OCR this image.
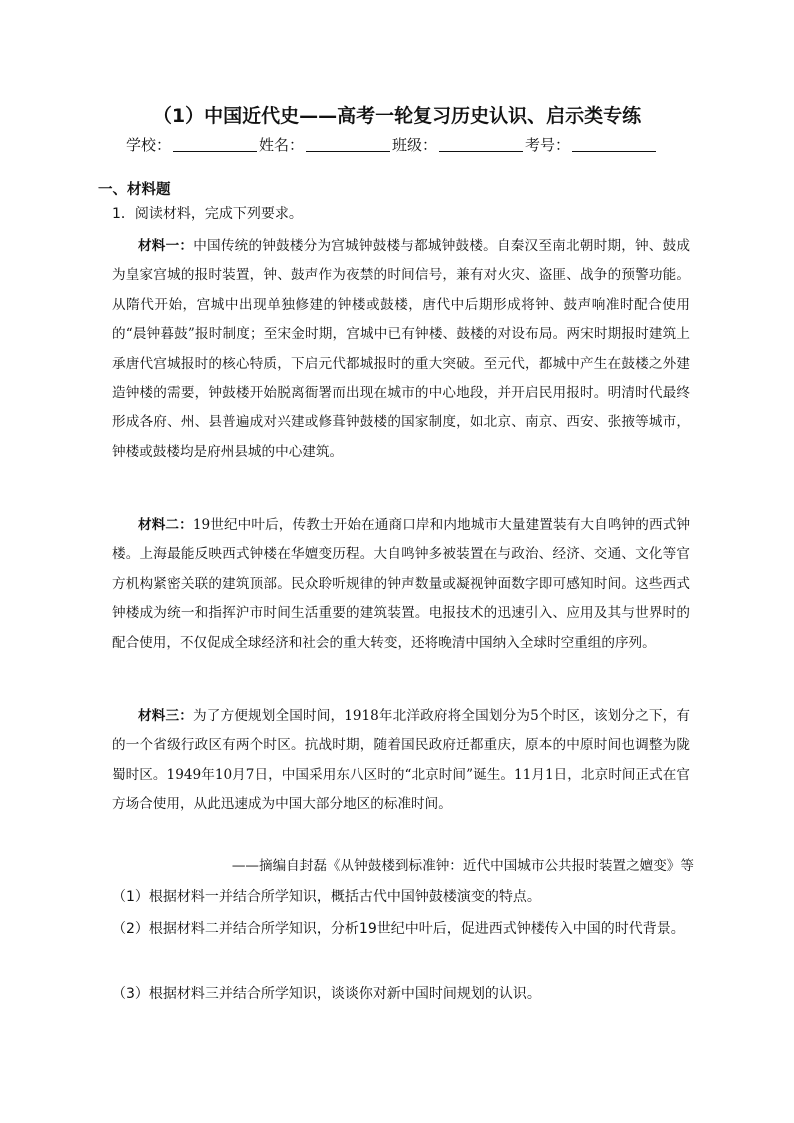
（1）中国近代史——高考一轮复习历史认识、启示类专练
学校：	姓名：	班级：	考号：
一、材料题
1．阅读材料，完成下列要求。
材料一：中国传统的钟鼓楼分为宫城钟鼓楼与都城钟鼓楼。自秦汉至南北朝时期，钟、鼓成为皇家宫城的报时装置，钟、鼓声作为夜禁的时间信号，兼有对火灾、盗匪、战争的预警功能。从隋代开始，宫城中出现单独修建的钟楼或鼓楼，唐代中后期形成将钟、鼓声响准时配合使用的“晨钟暮鼓”报时制度；至宋金时期，宫城中已有钟楼、鼓楼的对设布局。两宋时期报时建筑上承唐代宫城报时的核心特质，下启元代都城报时的重大突破。至元代，都城中产生在鼓楼之外建造钟楼的需要，钟鼓楼开始脱离衙署而出现在城市的中心地段，并开启民用报时。明清时代最终形成各府、州、县普遍成对兴建或修葺钟鼓楼的国家制度，如北京、南京、西安、张掖等城市，钟楼或鼓楼均是府州县城的中心建筑。
材料二：19世纪中叶后，传教士开始在通商口岸和内地城市大量建置装有大自鸣钟的西式钟楼。上海最能反映西式钟楼在华嬗变历程。大自鸣钟多被装置在与政治、经济、交通、文化等官方机构紧密关联的建筑顶部。民众聆听规律的钟声数量或凝视钟面数字即可感知时间。这些西式钟楼成为统一和指挥沪市时间生活重要的建筑装置。电报技术的迅速引入、应用及其与世界时的配合使用，不仅促成全球经济和社会的重大转变，还将晚清中国纳入全球时空重组的序列。
材料三：为了方便规划全国时间，1918年北洋政府将全国划分为5个时区，该划分之下，有的一个省级行政区有两个时区。抗战时期，随着国民政府迁都重庆，原本的中原时间也调整为陇蜀时区。1949年10月7日，中国采用东八区时的“北京时间”诞生。11月1日，北京时间正式在官方场合使用，从此迅速成为中国大部分地区的标准时间。
——摘编自封磊《从钟鼓楼到标准钟：近代中国城市公共报时装置之嬗变》等
（1）根据材料一并结合所学知识，概括古代中国钟鼓楼演变的特点。
（2）根据材料二并结合所学知识，分析19世纪中叶后，促进西式钟楼传入中国的时代背景。
（3）根据材料三并结合所学知识，谈谈你对新中国时间规划的认识。
